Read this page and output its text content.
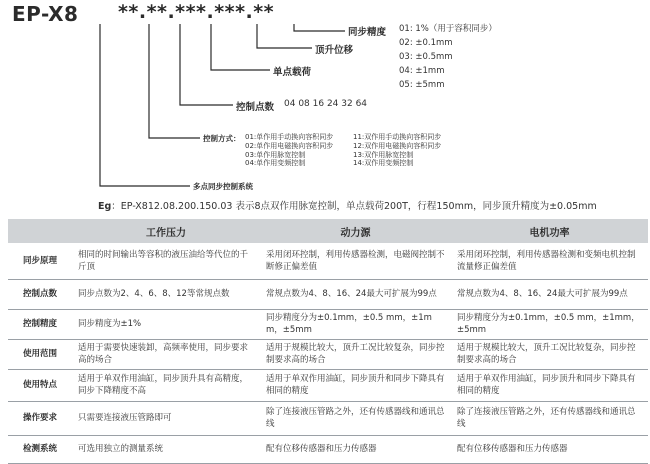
EP-X8 **.**.***.***.**
同步精度
顶升位移
单点载荷
控制点数 04 08 16 24 32 64
控制方式：
多点同步控制系统
01: 1%（用于容积同步）
02: ±0.1mm
03: ±0.5mm
04: ±1mm
05: ±5mm
01:单作用手动换向容积同步
02:单作用电磁换向容积同步
03:单作用脉宽控制
04:单作用变频控制
11:双作用手动换向容积同步
12:双作用电磁换向容积同步
13:双作用脉宽控制
14:双作用变频控制
Eg：EP-X812.08.200.150.03 表示8点双作用脉宽控制，单点载荷200T，行程150mm，同步顶升精度为±0.05mm
	工作压力	动力源	电机功率
同步原理	相同的时间输出等容积的液压油给等代位的千斤顶	采用闭环控制，利用传感器检测，电磁阀控制不断修正偏差值	采用闭环控制，利用传感器检测和变频电机控制流量修正偏差值
控制点数	同步点数为2、4、6、8、12等常规点数	常规点数为4、8、16、24最大可扩展为99点	常规点数为4、8、16、24最大可扩展为99点
控制精度	同步精度为±1%	同步精度分为±0.1mm，±0.5 mm，±1mm，±5mm	同步精度分为±0.1mm，±0.5 mm，±1mm，±5mm
使用范围	适用于需要快速装卸，高频率使用，同步要求高的场合	适用于规模比较大，顶升工况比较复杂，同步控制要求高的场合	适用于规模比较大，顶升工况比较复杂，同步控制要求高的场合
使用特点	适用于单双作用油缸，同步顶升具有高精度，同步下降精度不高	适用于单双作用油缸，同步顶升和同步下降具有相同的精度	适用于单双作用油缸，同步顶升和同步下降具有相同的精度
操作要求	只需要连接液压管路即可	除了连接液压管路之外，还有传感器线和通讯总线	除了连接液压管路之外，还有传感器线和通讯总线
检测系统	可选用独立的测量系统	配有位移传感器和压力传感器	配有位移传感器和压力传感器
